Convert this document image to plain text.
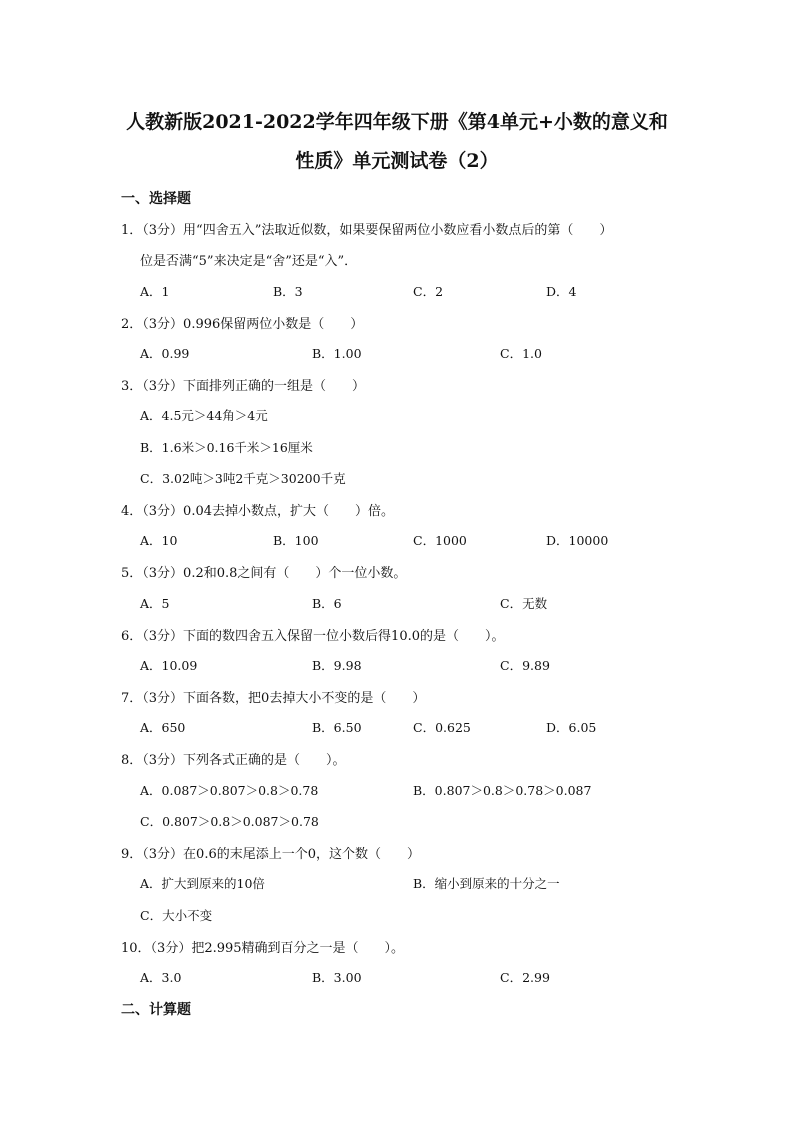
人教新版2021-2022学年四年级下册《第4单元+小数的意义和
性质》单元测试卷（2）
一、选择题
1．（3分）用“四舍五入”法取近似数，如果要保留两位小数应看小数点后的第（　　）
位是否满“5”来决定是“舍”还是“入”．
A．1	B．3	C．2	D．4
2．（3分）0.996保留两位小数是（　　）
A．0.99	B．1.00	C．1.0
3．（3分）下面排列正确的一组是（　　）
A．4.5元＞44角＞4元
B．1.6米＞0.16千米＞16厘米
C．3.02吨＞3吨2千克＞30200千克
4．（3分）0.04去掉小数点，扩大（　　）倍。
A．10	B．100	C．1000	D．10000
5．（3分）0.2和0.8之间有（　　）个一位小数。
A．5	B．6	C．无数
6．（3分）下面的数四舍五入保留一位小数后得10.0的是（　　）。
A．10.09	B．9.98	C．9.89
7．（3分）下面各数，把0去掉大小不变的是（　　）
A．650	B．6.50	C．0.625	D．6.05
8．（3分）下列各式正确的是（　　）。
A．0.087＞0.807＞0.8＞0.78	B．0.807＞0.8＞0.78＞0.087
C．0.807＞0.8＞0.087＞0.78
9．（3分）在0.6的末尾添上一个0，这个数（　　）
A．扩大到原来的10倍	B．缩小到原来的十分之一
C．大小不变
10．（3分）把2.995精确到百分之一是（　　）。
A．3.0	B．3.00	C．2.99
二、计算题
